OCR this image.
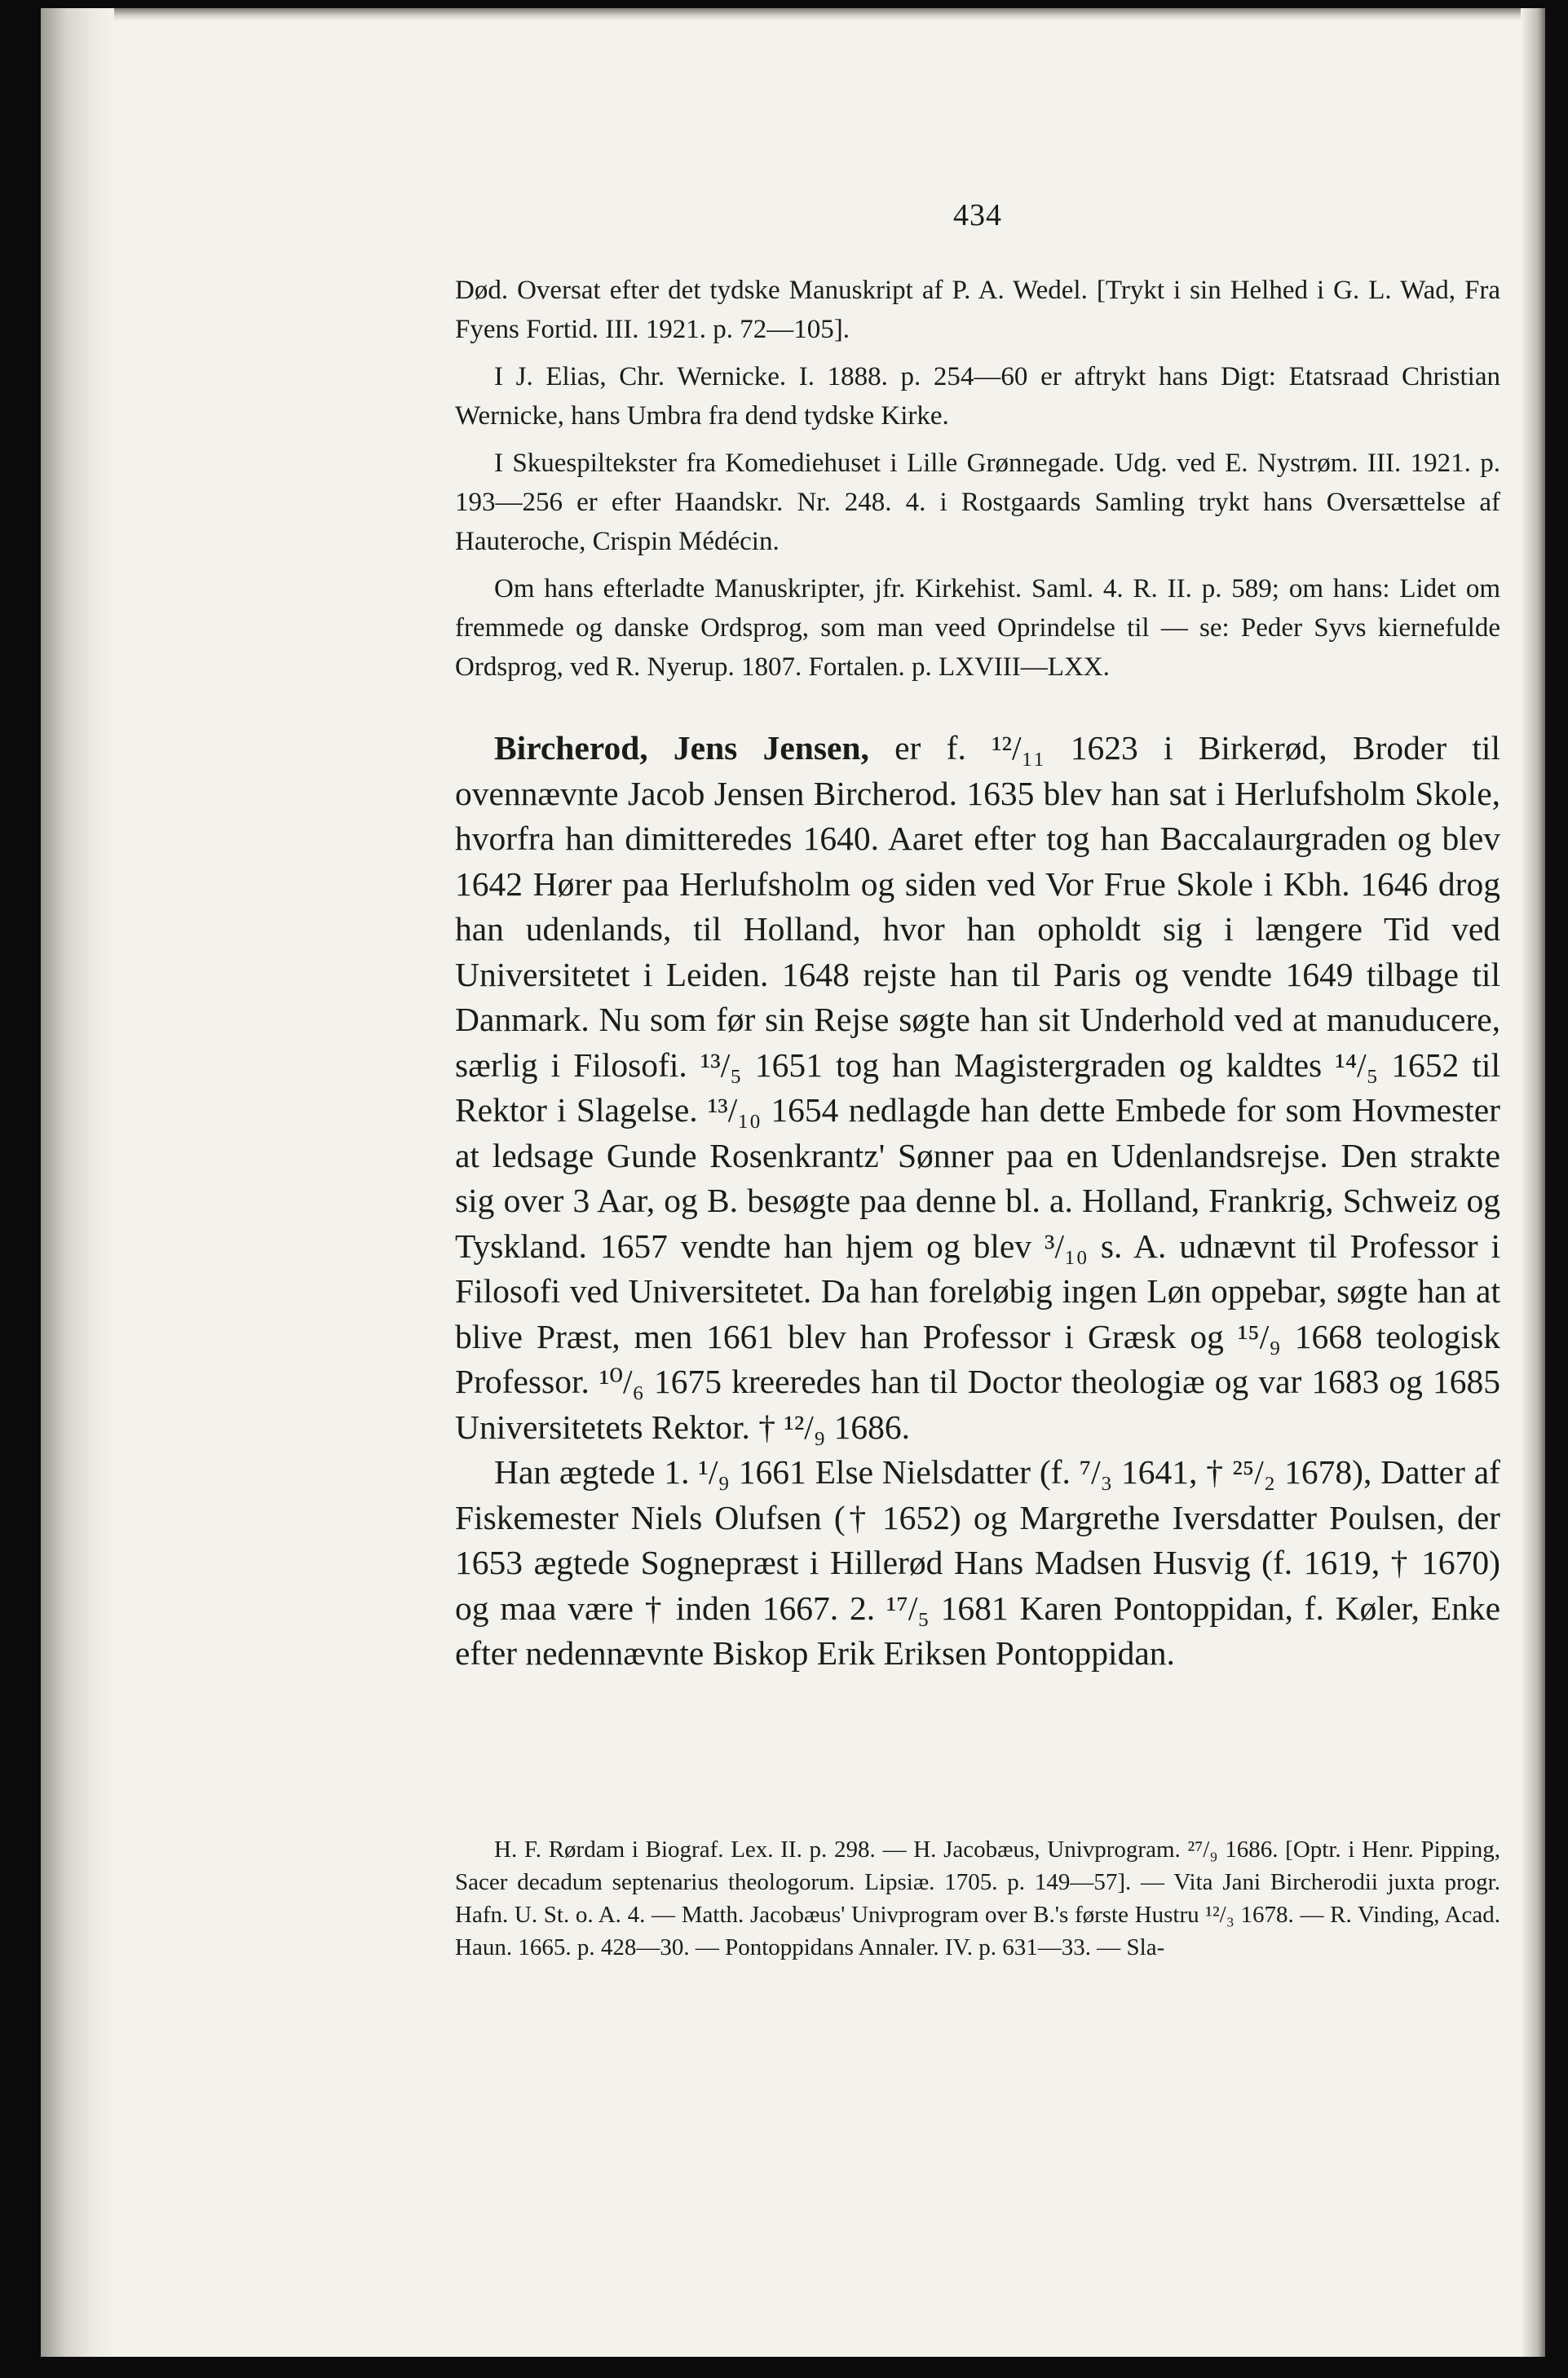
434

Død. Oversat efter det tydske Manuskript af P. A. Wedel. [Trykt i sin Helhed i G. L. Wad, Fra Fyens Fortid. III. 1921. p. 72—105].

I J. Elias, Chr. Wernicke. I. 1888. p. 254—60 er aftrykt hans Digt: Etatsraad Christian Wernicke, hans Umbra fra dend tydske Kirke.

I Skuespiltekster fra Komediehuset i Lille Grønnegade. Udg. ved E. Nystrøm. III. 1921. p. 193—256 er efter Haandskr. Nr. 248. 4. i Rostgaards Samling trykt hans Oversættelse af Hauteroche, Crispin Médécin.

Om hans efterladte Manuskripter, jfr. Kirkehist. Saml. 4. R. II. p. 589; om hans: Lidet om fremmede og danske Ordsprog, som man veed Oprindelse til — se: Peder Syvs kiernefulde Ordsprog, ved R. Nyerup. 1807. Fortalen. p. LXVIII—LXX.

Bircherod, Jens Jensen, er f. ¹²/₁₁ 1623 i Birkerød, Broder til ovennævnte Jacob Jensen Bircherod. 1635 blev han sat i Herlufsholm Skole, hvorfra han dimitteredes 1640. Aaret efter tog han Baccalaurgraden og blev 1642 Hører paa Herlufsholm og siden ved Vor Frue Skole i Kbh. 1646 drog han udenlands, til Holland, hvor han opholdt sig i længere Tid ved Universitetet i Leiden. 1648 rejste han til Paris og vendte 1649 tilbage til Danmark. Nu som før sin Rejse søgte han sit Underhold ved at manuducere, særlig i Filosofi. ¹³/₅ 1651 tog han Magistergraden og kaldtes ¹⁴/₅ 1652 til Rektor i Slagelse. ¹³/₁₀ 1654 nedlagde han dette Embede for som Hovmester at ledsage Gunde Rosenkrantz' Sønner paa en Udenlandsrejse. Den strakte sig over 3 Aar, og B. besøgte paa denne bl. a. Holland, Frankrig, Schweiz og Tyskland. 1657 vendte han hjem og blev ³/₁₀ s. A. udnævnt til Professor i Filosofi ved Universitetet. Da han foreløbig ingen Løn oppebar, søgte han at blive Præst, men 1661 blev han Professor i Græsk og ¹⁵/₉ 1668 teologisk Professor. ¹⁰/₆ 1675 kreeredes han til Doctor theologiæ og var 1683 og 1685 Universitetets Rektor. † ¹²/₉ 1686.

Han ægtede 1. ¹/₉ 1661 Else Nielsdatter (f. ⁷/₃ 1641, † ²⁵/₂ 1678), Datter af Fiskemester Niels Olufsen († 1652) og Margrethe Iversdatter Poulsen, der 1653 ægtede Sognepræst i Hillerød Hans Madsen Husvig (f. 1619, † 1670) og maa være † inden 1667. 2. ¹⁷/₅ 1681 Karen Pontoppidan, f. Køler, Enke efter nedennævnte Biskop Erik Eriksen Pontoppidan.

H. F. Rørdam i Biograf. Lex. II. p. 298. — H. Jacobæus, Univprogram. ²⁷/₉ 1686. [Optr. i Henr. Pipping, Sacer decadum septenarius theologorum. Lipsiæ. 1705. p. 149—57]. — Vita Jani Bircherodii juxta progr. Hafn. U. St. o. A. 4. — Matth. Jacobæus' Univprogram over B.'s første Hustru ¹²/₃ 1678. — R. Vinding, Acad. Haun. 1665. p. 428—30. — Pontoppidans Annaler. IV. p. 631—33. — Sla-
